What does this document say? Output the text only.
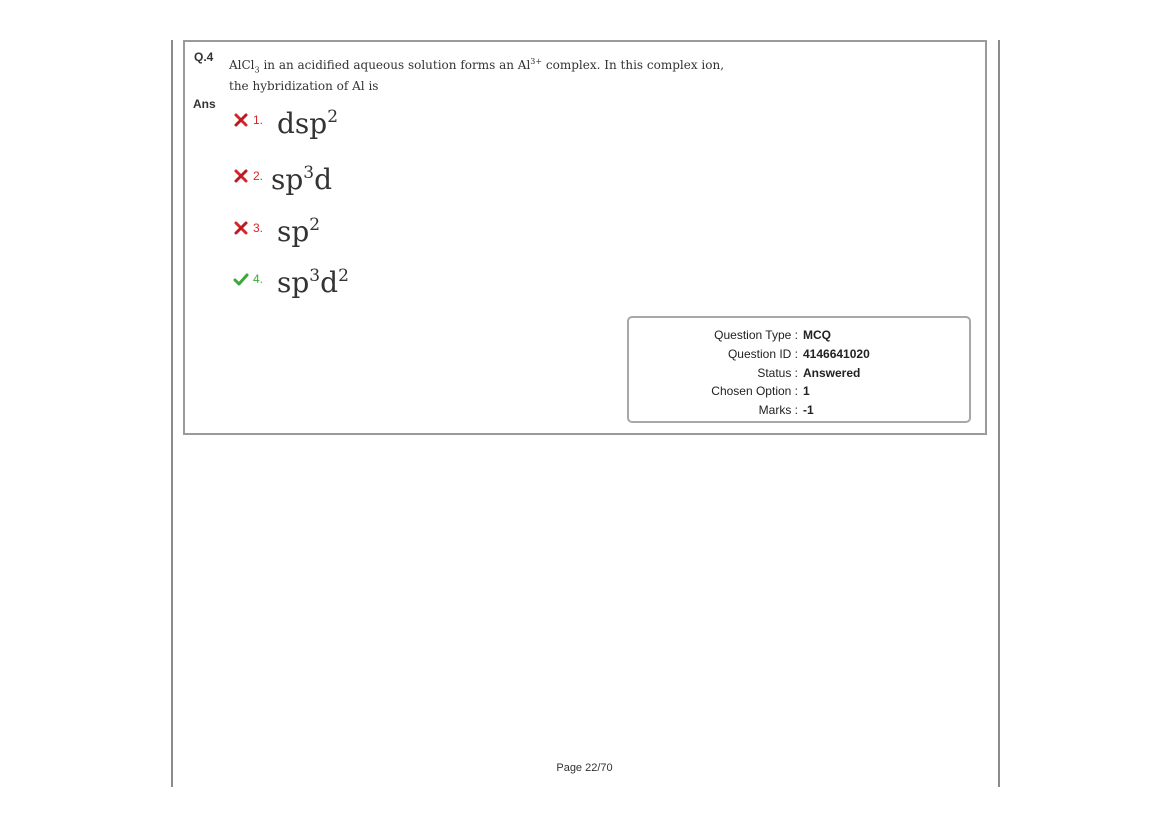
Q.4
Ans
AlCl$_3$ in an acidified aqueous solution forms an $Al^{3+}$ complex. In this complex ion,
the hybridization of Al is
1. dsp$^2$
2. $sp^3d$
3. $sp^2$
4. $sp^3d^2$
Question Type : MCQ
Question ID : 4146641020
Status : Answered
Chosen Option : 1
Marks : -1
Page 22/70
